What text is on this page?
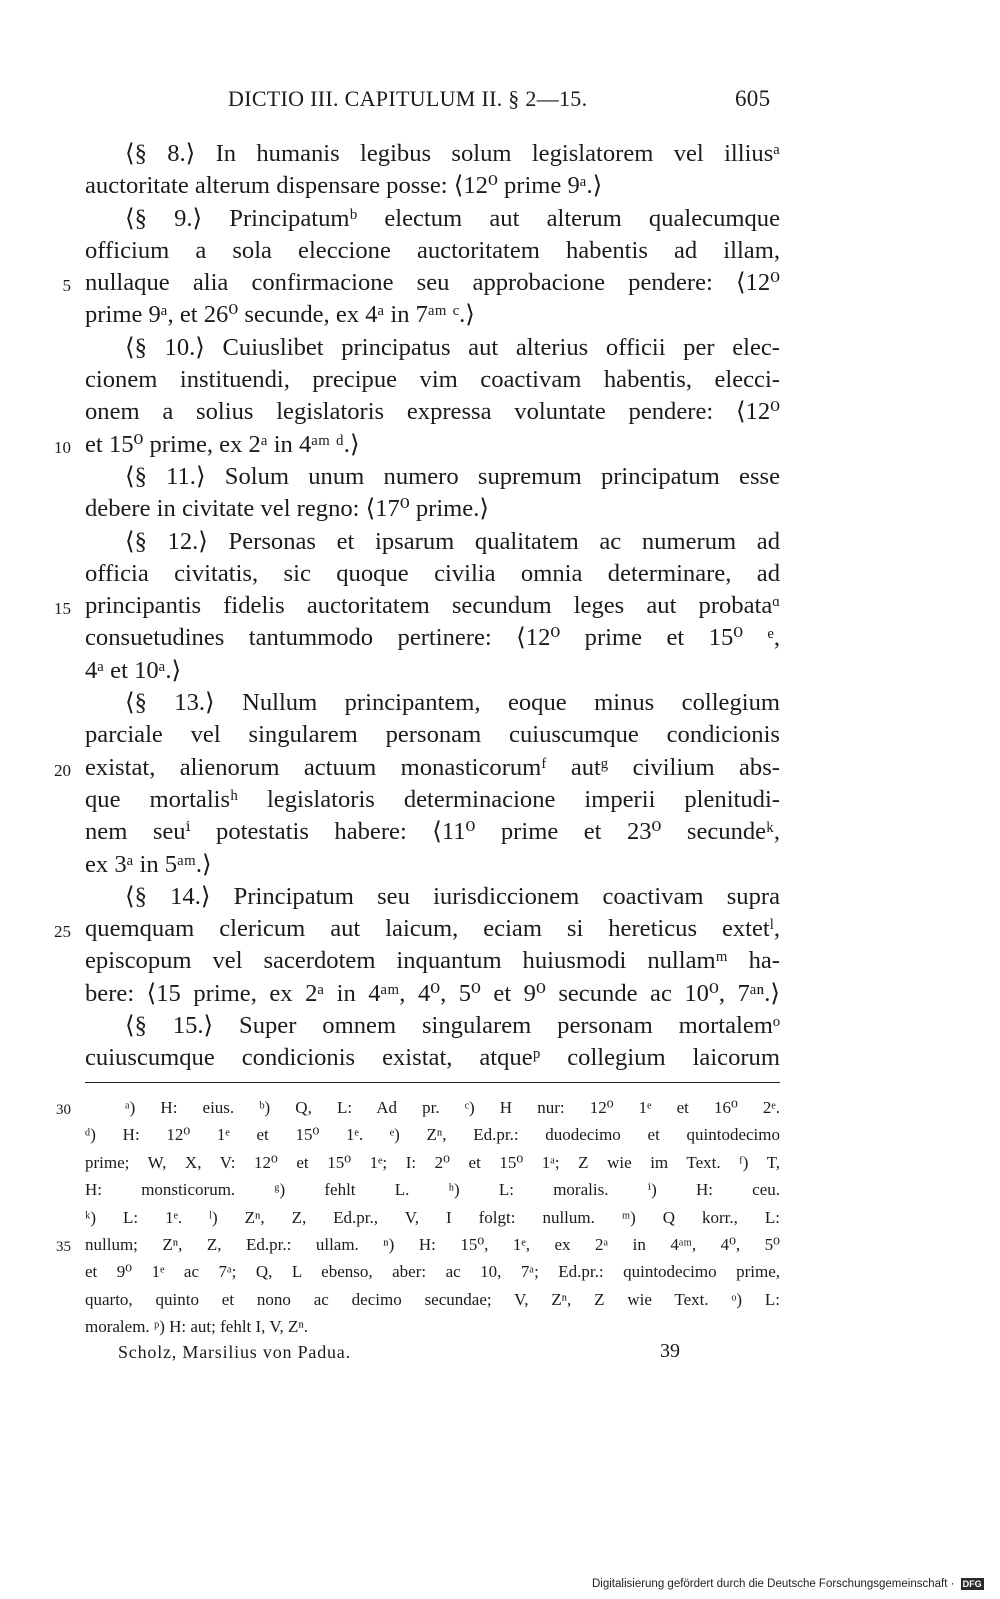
DICTIO III. CAPITULUM II. § 2—15.	605
⟨§ 8.⟩ In humanis legibus solum legislatorem vel illiusᵃ
auctoritate alterum dispensare posse: ⟨12⁰ prime 9ᵃ.⟩
⟨§ 9.⟩ Principatumᵇ electum aut alterum qualecumque
officium a sola eleccione auctoritatem habentis ad illam,
5 nullaque alia confirmacione seu approbacione pendere: ⟨12⁰
prime 9ᵃ, et 26⁰ secunde, ex 4ᵃ in 7ᵃᵐ ᶜ.⟩
⟨§ 10.⟩ Cuiuslibet principatus aut alterius officii per elec-
cionem instituendi, precipue vim coactivam habentis, elecci-
onem a solius legislatoris expressa voluntate pendere: ⟨12⁰
10 et 15⁰ prime, ex 2ᵃ in 4ᵃᵐ ᵈ.⟩
⟨§ 11.⟩ Solum unum numero supremum principatum esse
debere in civitate vel regno: ⟨17⁰ prime.⟩
⟨§ 12.⟩ Personas et ipsarum qualitatem ac numerum ad
officia civitatis, sic quoque civilia omnia determinare, ad
15 principantis fidelis auctoritatem secundum leges aut probataᵅ
consuetudines tantummodo pertinere: ⟨12⁰ prime et 15⁰ ᵉ,
4ᵃ et 10ᵃ.⟩
⟨§ 13.⟩ Nullum principantem, eoque minus collegium
parciale vel singularem personam cuiuscumque condicionis
20 existat, alienorum actuum monasticorumᶠ autᵍ civilium abs-
que mortalisʰ legislatoris determinacione imperii plenitudi-
nem seuⁱ potestatis habere: ⟨11⁰ prime et 23⁰ secundeᵏ,
ex 3ᵃ in 5ᵃᵐ.⟩
⟨§ 14.⟩ Principatum seu iurisdiccionem coactivam supra
25 quemquam clericum aut laicum, eciam si hereticus extetˡ,
episcopum vel sacerdotem inquantum huiusmodi nullamᵐ ha-
bere: ⟨15 prime, ex 2ᵃ in 4ᵃᵐ, 4⁰, 5⁰ et 9⁰ secunde ac 10⁰, 7ᵃⁿ.⟩
⟨§ 15.⟩ Super omnem singularem personam mortalemᵒ
cuiuscumque condicionis existat, atqueᵖ collegium laicorum
30	ᵃ) H: eius. ᵇ) Q, L: Ad pr. ᶜ) H nur: 12⁰ 1ᵉ et 16⁰ 2ᵉ.
ᵈ) H: 12⁰ 1ᵉ et 15⁰ 1ᵉ. ᵉ) Zⁿ, Ed.pr.: duodecimo et quintodecimo
prime; W, X, V: 12⁰ et 15⁰ 1ᵉ; I: 2⁰ et 15⁰ 1ᵃ; Z wie im Text. ᶠ) T,
H: monsticorum. ᵍ) fehlt L. ʰ) L: moralis. ⁱ) H: ceu.
ᵏ) L: 1ᵉ. ˡ) Zⁿ, Z, Ed.pr., V, I folgt: nullum. ᵐ) Q korr., L:
35 nullum; Zⁿ, Z, Ed.pr.: ullam. ⁿ) H: 15⁰, 1ᵉ, ex 2ᵃ in 4ᵃᵐ, 4⁰, 5⁰
et 9⁰ 1ᵉ ac 7ᵃ; Q, L ebenso, aber: ac 10, 7ᵃ; Ed.pr.: quintodecimo prime,
quarto, quinto et nono ac decimo secundae; V, Zⁿ, Z wie Text. ᵒ) L:
moralem. ᵖ) H: aut; fehlt I, V, Zⁿ.
Scholz, Marsilius von Padua.	39
Digitalisierung gefördert durch die Deutsche Forschungsgemeinschaft · DFG
